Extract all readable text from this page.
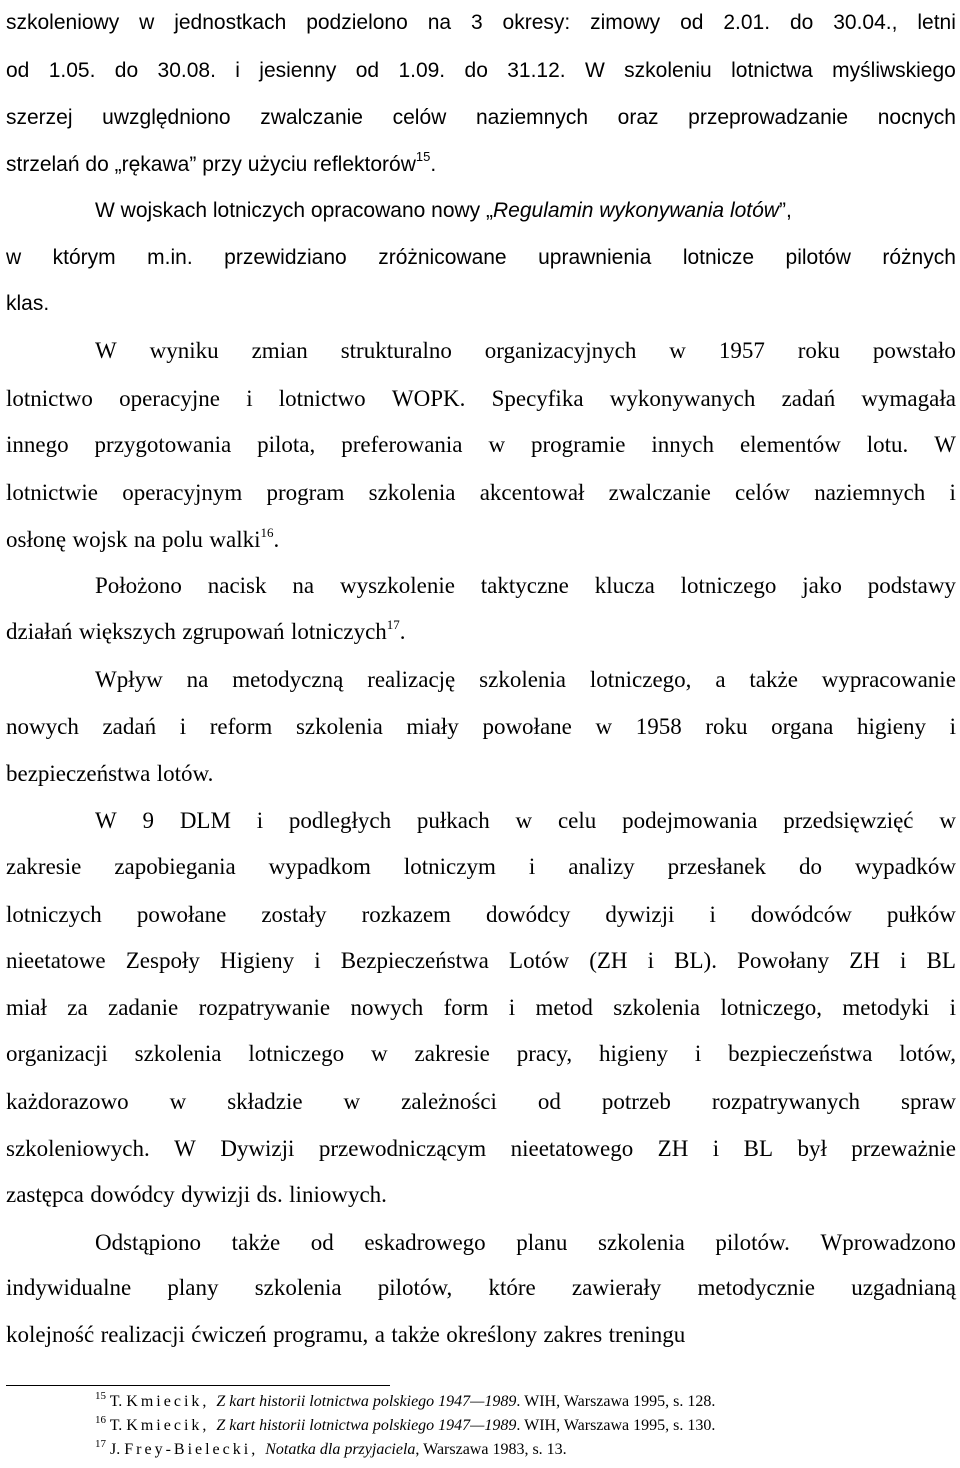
szkoleniowy w jednostkach podzielono na 3 okresy: zimowy od 2.01. do 30.04., letni
od 1.05. do 30.08. i jesienny od 1.09. do 31.12. W szkoleniu lotnictwa myśliwskiego
szerzej uwzględniono zwalczanie celów naziemnych oraz przeprowadzanie nocnych
strzelań do „rękawa” przy użyciu reflektorów$^{15}$.
W wojskach lotniczych opracowano nowy „ Regulamin wykonywania lotów ”,
w którym m.in. przewidziano zróżnicowane uprawnienia lotnicze pilotów różnych
klas.
W wyniku zmian strukturalno organizacyjnych w 1957 roku powstało
lotnictwo operacyjne i lotnictwo WOPK. Specyfika wykonywanych zadań wymagała
innego przygotowania pilota, preferowania w programie innych elementów lotu. W
lotnictwie operacyjnym program szkolenia akcentował zwalczanie celów naziemnych i
osłonę wojsk na polu walki$^{16}$.
Położono nacisk na wyszkolenie taktyczne klucza lotniczego jako podstawy
działań większych zgrupowań lotniczych$^{17}$.
Wpływ na metodyczną realizację szkolenia lotniczego, a także wypracowanie
nowych zadań i reform szkolenia miały powołane w 1958 roku organa higieny i
bezpieczeństwa lotów.
W 9 DLM i podległych pułkach w celu podejmowania przedsięwzięć w
zakresie zapobiegania wypadkom lotniczym i analizy przesłanek do wypadków
lotniczych powołane zostały rozkazem dowódcy dywizji i dowódców pułków
nieetatowe Zespoły Higieny i Bezpieczeństwa Lotów (ZH i BL). Powołany ZH i BL
miał za zadanie rozpatrywanie nowych form i metod szkolenia lotniczego, metodyki i
organizacji szkolenia lotniczego w zakresie pracy, higieny i bezpieczeństwa lotów,
każdorazowo w składzie w zależności od potrzeb rozpatrywanych spraw
szkoleniowych. W Dywizji przewodniczącym nieetatowego ZH i BL był przeważnie
zastępca dowódcy dywizji ds. liniowych.
Odstąpiono także od eskadrowego planu szkolenia pilotów. Wprowadzono
indywidualne plany szkolenia pilotów, które zawierały metodycznie uzgadnianą
kolejność realizacji ćwiczeń programu, a także określony zakres treningu
$^{15}$ T. Kmiecik, Z kart historii lotnictwa polskiego 1947—1989. WIH, Warszawa 1995, s. 128.
$^{16}$ T. Kmiecik, Z kart historii lotnictwa polskiego 1947—1989. WIH, Warszawa 1995, s. 130.
$^{17}$ J. Frey-Bielecki, Notatka dla przyjaciela, Warszawa 1983, s. 13.
